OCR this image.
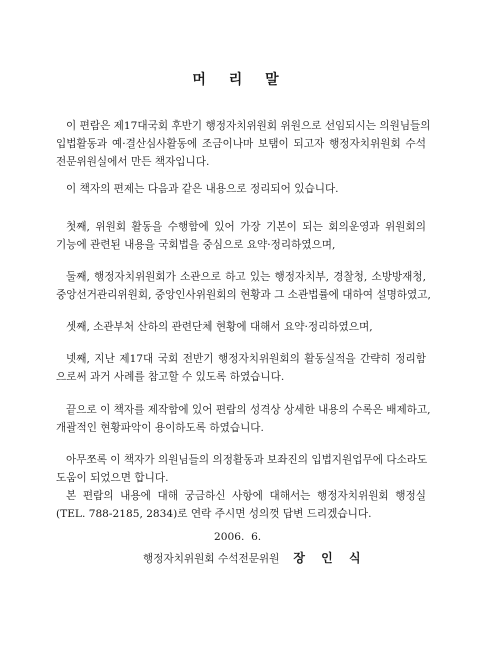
머 리 말
이 편람은 제17대국회 후반기 행정자치위원회 위원으로 선임되시는 의원님들의
입법활동과 예·결산심사활동에 조금이나마 보탬이 되고자 행정자치위원회 수석
전문위원실에서 만든 책자입니다.
이 책자의 편제는 다음과 같은 내용으로 정리되어 있습니다.
첫째, 위원회 활동을 수행함에 있어 가장 기본이 되는 회의운영과 위원회의
기능에 관련된 내용을 국회법을 중심으로 요약·정리하였으며,
둘째, 행정자치위원회가 소관으로 하고 있는 행정자치부, 경찰청, 소방방재청,
중앙선거관리위원회, 중앙인사위원회의 현황과 그 소관법률에 대하여 설명하였고,
셋째, 소관부처 산하의 관련단체 현황에 대해서 요약·정리하였으며,
넷째, 지난 제17대 국회 전반기 행정자치위원회의 활동실적을 간략히 정리함
으로써 과거 사례를 참고할 수 있도록 하였습니다.
끝으로 이 책자를 제작함에 있어 편람의 성격상 상세한 내용의 수록은 배제하고,
개괄적인 현황파악이 용이하도록 하였습니다.
아무쪼록 이 책자가 의원님들의 의정활동과 보좌진의 입법지원업무에 다소라도
도움이 되었으면 합니다.
본 편람의 내용에 대해 궁금하신 사항에 대해서는 행정자치위원회 행정실
(TEL. 788-2185, 2834)로 연락 주시면 성의껏 답변 드리겠습니다.

2006.  6.

행정자치위원회 수석전문위원 장 인 식
